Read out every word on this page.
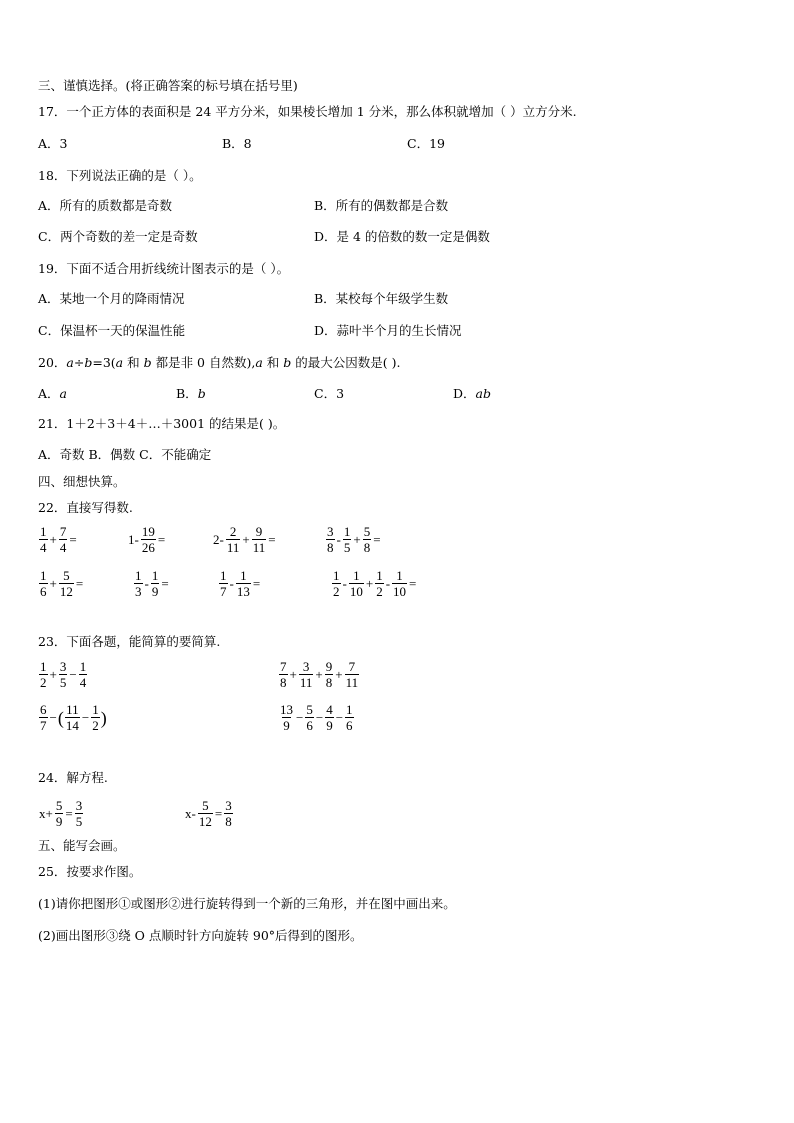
三、谨慎选择。(将正确答案的标号填在括号里)
17．一个正方体的表面积是 24 平方分米，如果棱长增加 1 分米，那么体积就增加（ ）立方分米.
A．3	B．8	C．19
18．下列说法正确的是（ ）。
A．所有的质数都是奇数	B．所有的偶数都是合数
C．两个奇数的差一定是奇数	D．是 4 的倍数的数一定是偶数
19．下面不适合用折线统计图表示的是（ ）。
A．某地一个月的降雨情况	B．某校每个年级学生数
C．保温杯一天的保温性能	D．蒜叶半个月的生长情况
20．a÷b=3(a 和 b 都是非 0 自然数),a 和 b 的最大公因数是( ).
A．a	B．b	C．3	D．ab
21．1＋2＋3＋4＋…＋3001 的结果是( )。
A．奇数 B．偶数 C．不能确定
四、细想快算。
22．直接写得数.
$\frac{1}{4} + \frac{7}{4}$ =	$1- \frac{19}{26}$ =	$2- \frac{2}{11} + \frac{9}{11}$ =	$\frac{3}{8} - \frac{1}{5} + \frac{5}{8}$ =
$\frac{1}{6} + \frac{5}{12}$ =	$\frac{1}{3} - \frac{1}{9}$ =	$\frac{1}{7} - \frac{1}{13}$ =	$\frac{1}{2} - \frac{1}{10} + \frac{1}{2} - \frac{1}{10}$ =
23．下面各题，能简算的要简算.
$\frac{1}{2} + \frac{3}{5} - \frac{1}{4}$	$\frac{7}{8} + \frac{3}{11} + \frac{9}{8} + \frac{7}{11}$
$\frac{6}{7}$ − ( $\frac{11}{14} - \frac{1}{2}$ )	$\frac{13}{9} - \frac{5}{6} - \frac{4}{9} - \frac{1}{6}$
24．解方程.
$x+ \frac{5}{9} = \frac{3}{5}$	$x- \frac{5}{12} = \frac{3}{8}$
五、能写会画。
25．按要求作图。
(1)请你把图形①或图形②进行旋转得到一个新的三角形，并在图中画出来。
(2)画出图形③绕 O 点顺时针方向旋转 90°后得到的图形。
